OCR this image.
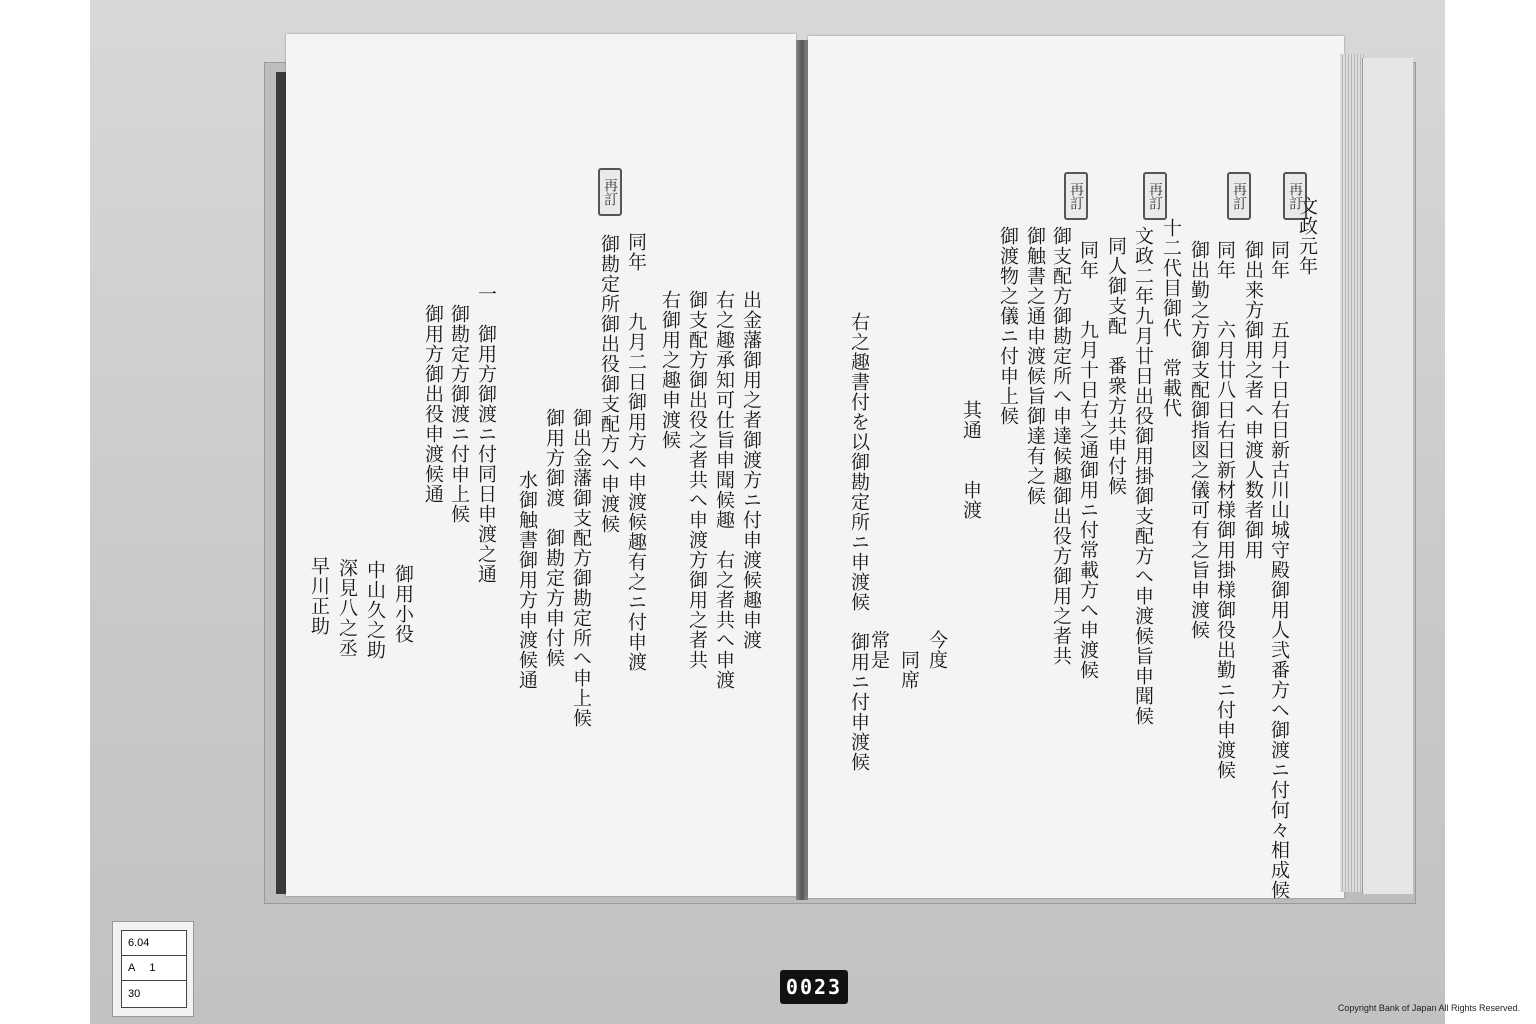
再訂
再訂
再訂
再訂	文政元年
同年　　五月十日右日新古川山城守殿御用人弐番方ヘ御渡ニ付何々相成候
御出来方御用之者へ申渡人数者御用
同年　　六月廿八日右日新材様御用掛様御役出勤ニ付申渡候
御出勤之方御支配御指図之儀可有之旨申渡候
十二代目御代　常載代
文政二年九月廿日出役御用掛御支配方へ申渡候旨申聞候
同人御支配　番衆方共申付候
同年　　九月十日右之通御用ニ付常載方へ申渡候
御支配方御勘定所へ申達候趣御出役方御用之者共
御触書之通申渡候旨御達有之候
御渡物之儀ニ付申上候
其通　　申渡
右之趣書付を以御勘定所ニ申渡候　御用ニ付申渡候	今度
同席
常是
再訂
出金藩御用之者御渡方ニ付申渡候趣申渡
右之趣承知可仕旨申聞候趣　右之者共へ申渡
御支配方御出役之者共へ申渡方御用之者共
右御用之趣申渡候
同年　　九月二日御用方へ申渡候趣有之ニ付申渡
御勘定所御出役御支配方へ申渡候
御出金藩御支配方御勘定所へ申上候
御用方御渡　御勘定方申付候
水御触書御用方申渡候通
一　御用方御渡ニ付同日申渡之通
御勘定方御渡ニ付申上候
御用方御出役申渡候通
御用小役
中山久之助
深見八之丞
早川正助
6.04
A 1
30	0023
Copyright Bank of Japan All Rights Reserved.
